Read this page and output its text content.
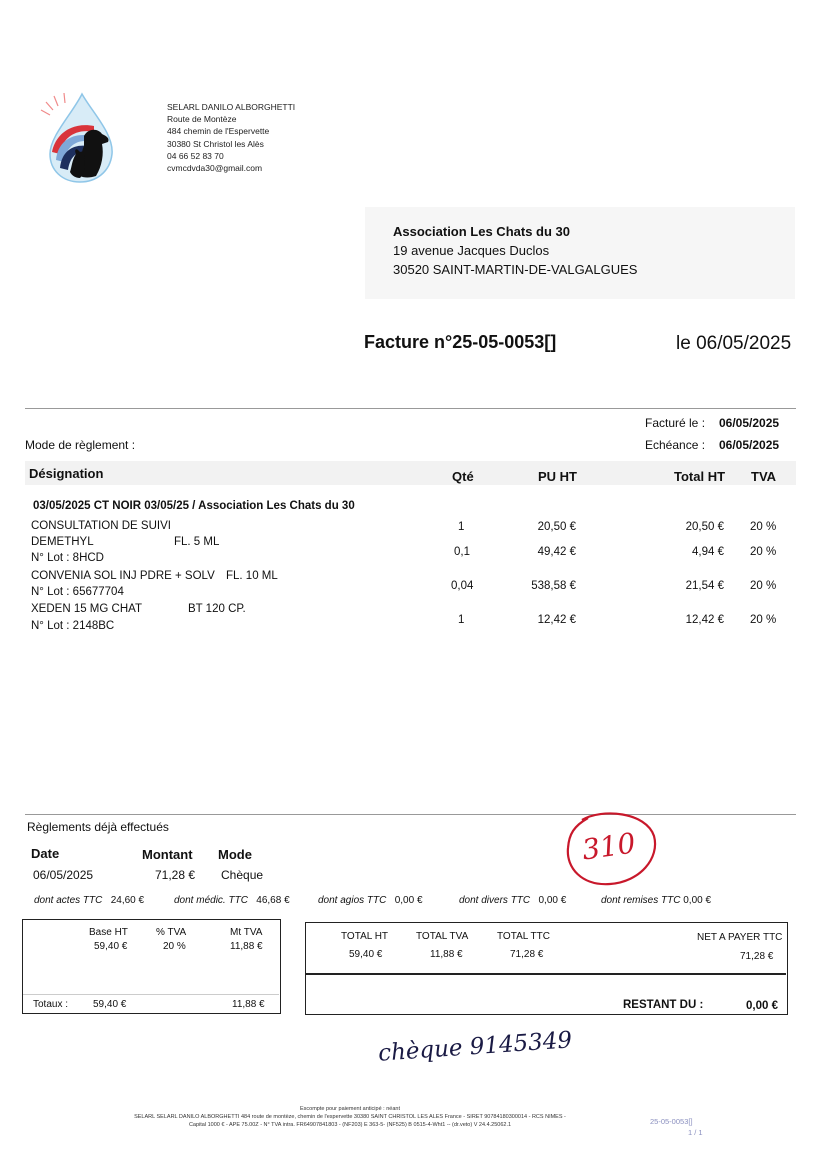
SELARL DANILO ALBORGHETTI
Route de Montèze
484 chemin de l'Espervette
30380 St Christol les Alès
04 66 52 83 70
cvmcdvda30@gmail.com
Association Les Chats du 30
19 avenue Jacques Duclos
30520 SAINT-MARTIN-DE-VALGALGUES
Facture n°25-05-0053[]	le 06/05/2025
Facturé le : 06/05/2025
Echéance : 06/05/2025
Mode de règlement :
Désignation	Qté	PU HT	Total HT TVA
03/05/2025 CT NOIR 03/05/25 / Association Les Chats du 30
CONSULTATION DE SUIVI	1	20,50 €	20,50 € 20 %
DEMETHYL	FL. 5 ML
N° Lot : 8HCD	0,1	49,42 €	4,94 € 20 %
CONVENIA SOL INJ PDRE + SOLV FL. 10 ML
N° Lot : 65677704	0,04	538,58 €	21,54 € 20 %
XEDEN 15 MG CHAT	BT 120 CP.
N° Lot : 2148BC	1	12,42 €	12,42 € 20 %
Règlements déjà effectués
Date	Montant Mode
06/05/2025	71,28 € Chèque
310
dont actes TTC 24,60 €	dont médic. TTC 46,68 €	dont agios TTC 0,00 €	dont divers TTC 0,00 €	dont remises TTC 0,00 €
Base HT	% TVA	Mt TVA
59,40 €	20 %	11,88 €
Totaux : 59,40 €	11,88 €
TOTAL HT	TOTAL TVA	TOTAL TTC	NET A PAYER TTC
59,40 €	11,88 €	71,28 €	71,28 €
RESTANT DU :	0,00 €
chèque 9145349
Escompte pour paiement anticipé : néant
SELARL SELARL DANILO ALBORGHETTI 484 route de montèze, chemin de l'espervette 30380 SAINT CHRISTOL LES ALES France - SIRET 90784180300014 - RCS NIMES -
Capital 1000 € - APE 75.00Z - N° TVA intra. FR64907841803 - (NF203) E 363-5- (NF525) B 0515-4-Wht1 -- (dr.veto) V 24.4.25062.1	25-05-0053[]
1 / 1
